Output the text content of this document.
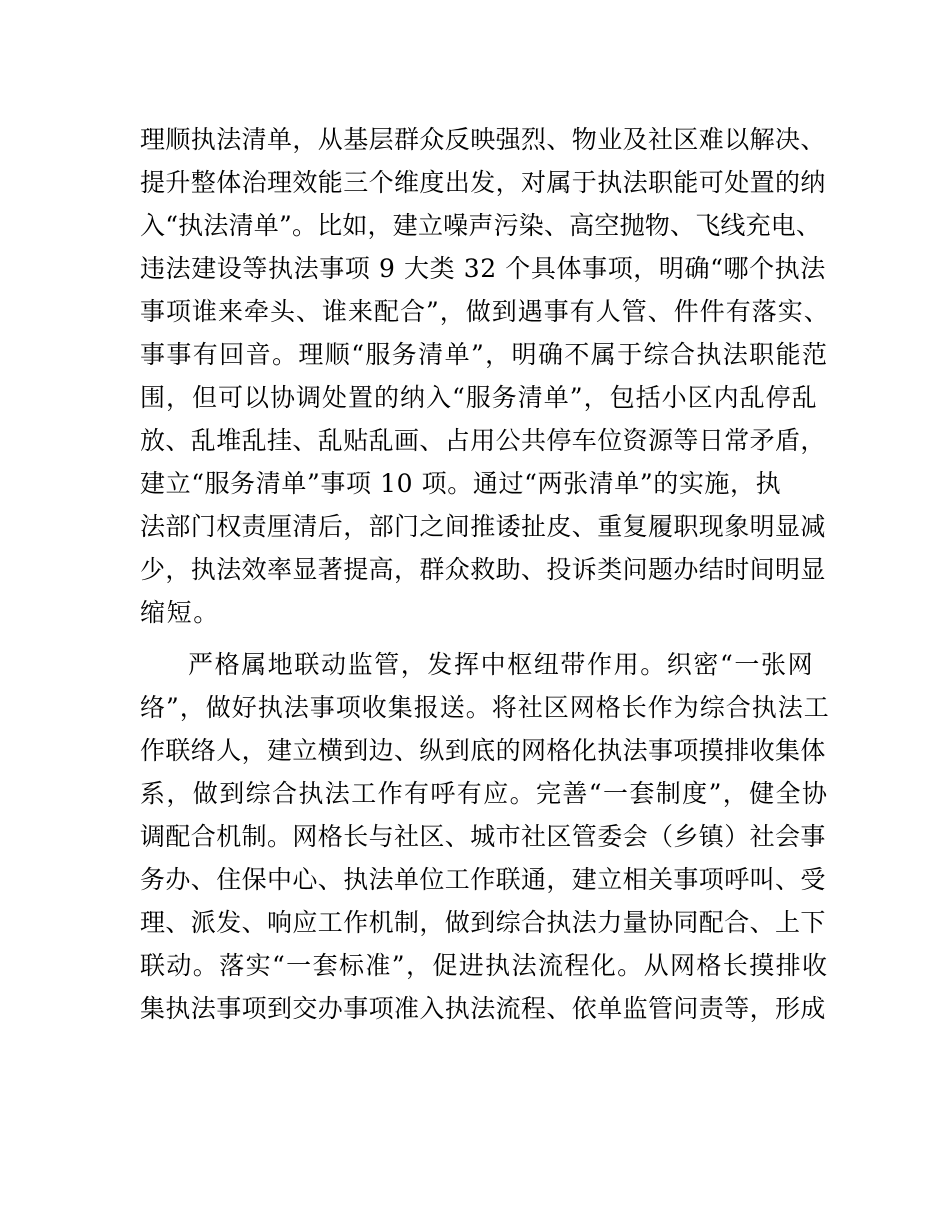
理顺执法清单，从基层群众反映强烈、物业及社区难以解决、
提升整体治理效能三个维度出发，对属于执法职能可处置的纳
入“执法清单”。比如，建立噪声污染、高空抛物、飞线充电、
违法建设等执法事项 9 大类 32 个具体事项，明确“哪个执法
事项谁来牵头、谁来配合”，做到遇事有人管、件件有落实、
事事有回音。理顺“服务清单”，明确不属于综合执法职能范
围，但可以协调处置的纳入“服务清单”，包括小区内乱停乱
放、乱堆乱挂、乱贴乱画、占用公共停车位资源等日常矛盾，
建立“服务清单”事项 10 项。通过“两张清单”的实施，执
法部门权责厘清后，部门之间推诿扯皮、重复履职现象明显减
少，执法效率显著提高，群众救助、投诉类问题办结时间明显
缩短。
严格属地联动监管，发挥中枢纽带作用。织密“一张网
络”，做好执法事项收集报送。将社区网格长作为综合执法工
作联络人，建立横到边、纵到底的网格化执法事项摸排收集体
系，做到综合执法工作有呼有应。完善“一套制度”，健全协
调配合机制。网格长与社区、城市社区管委会（乡镇）社会事
务办、住保中心、执法单位工作联通，建立相关事项呼叫、受
理、派发、响应工作机制，做到综合执法力量协同配合、上下
联动。落实“一套标准”，促进执法流程化。从网格长摸排收
集执法事项到交办事项准入执法流程、依单监管问责等，形成
